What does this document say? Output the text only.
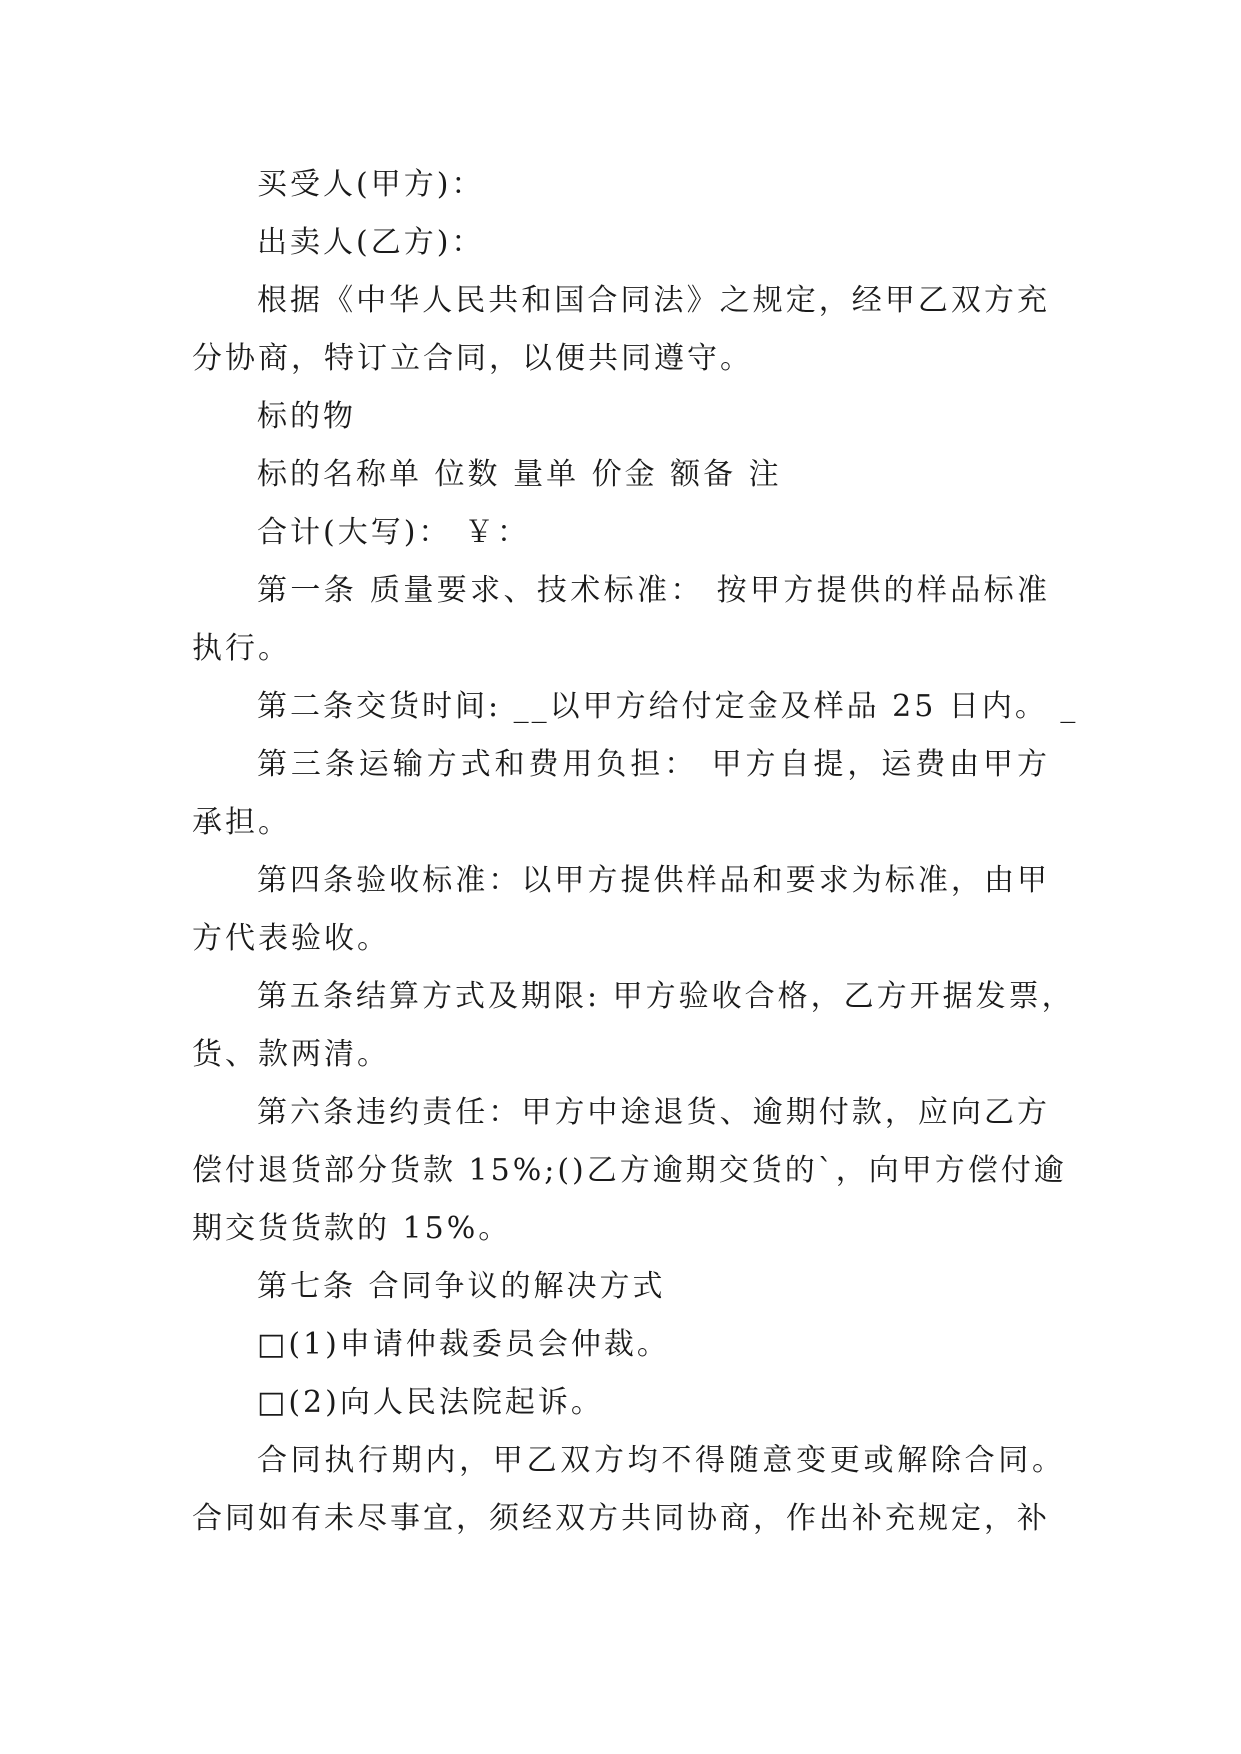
买受人(甲方)：
出卖人(乙方)：
根据《中华人民共和国合同法》之规定，经甲乙双方充
分协商，特订立合同，以便共同遵守。
标的物
标的名称单 位数 量单 价金 额备 注
合计(大写)： ￥：
第一条 质量要求、技术标准： 按甲方提供的样品标准
执行。
第二条交货时间: __以甲方给付定金及样品 25 日内。 _
第三条运输方式和费用负担： 甲方自提，运费由甲方
承担。
第四条验收标准：以甲方提供样品和要求为标准，由甲
方代表验收。
第五条结算方式及期限: 甲方验收合格，乙方开据发票，
货、款两清。
第六条违约责任：甲方中途退货、逾期付款，应向乙方
偿付退货部分货款 15%;()乙方逾期交货的`，向甲方偿付逾
期交货货款的 15%。
第七条 合同争议的解决方式
□(1)申请仲裁委员会仲裁。
□(2)向人民法院起诉。
合同执行期内，甲乙双方均不得随意变更或解除合同。
合同如有未尽事宜，须经双方共同协商，作出补充规定，补
